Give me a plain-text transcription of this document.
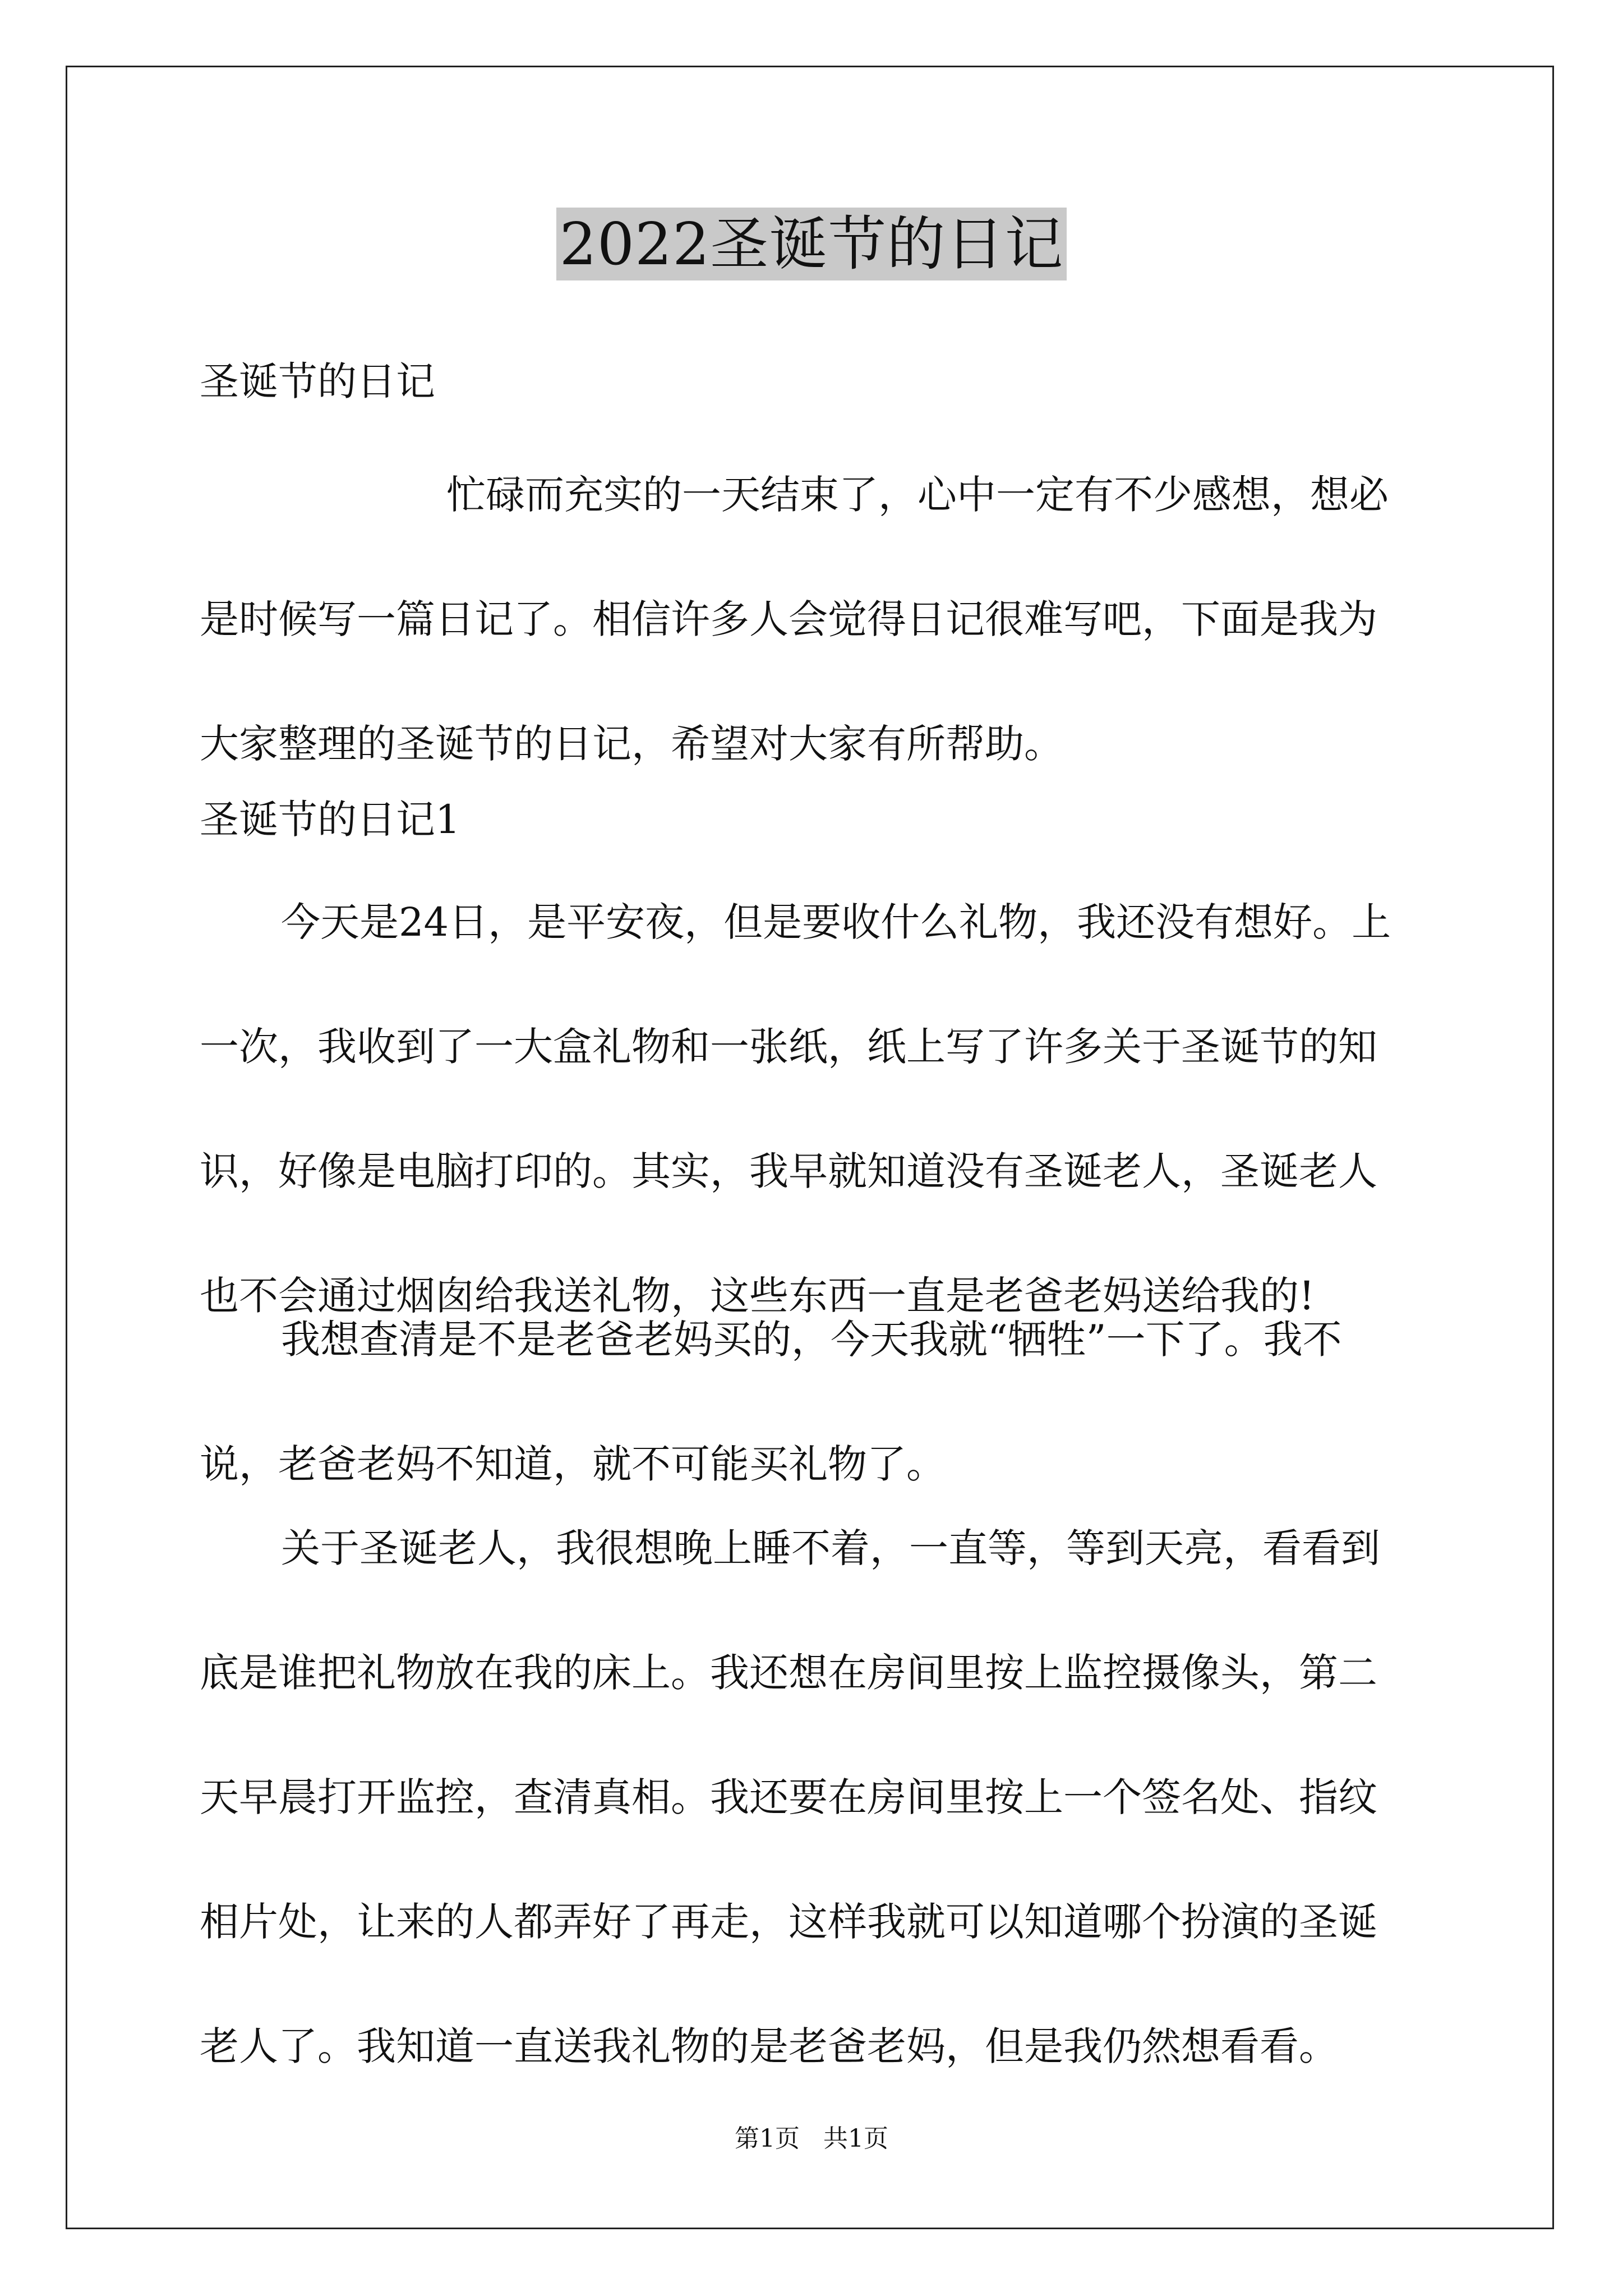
2022圣诞节的日记
圣诞节的日记
忙碌而充实的一天结束了，心中一定有不少感想，想必
是时候写一篇日记了。相信许多人会觉得日记很难写吧，下面是我为
大家整理的圣诞节的日记，希望对大家有所帮助。
圣诞节的日记1
今天是24日，是平安夜，但是要收什么礼物，我还没有想好。上
一次，我收到了一大盒礼物和一张纸，纸上写了许多关于圣诞节的知
识，好像是电脑打印的。其实，我早就知道没有圣诞老人，圣诞老人
也不会通过烟囱给我送礼物，这些东西一直是老爸老妈送给我的!
我想查清是不是老爸老妈买的，今天我就“牺牲”一下了。我不
说，老爸老妈不知道，就不可能买礼物了。
关于圣诞老人，我很想晚上睡不着，一直等，等到天亮，看看到
底是谁把礼物放在我的床上。我还想在房间里按上监控摄像头，第二
天早晨打开监控，查清真相。我还要在房间里按上一个签名处、指纹
相片处，让来的人都弄好了再走，这样我就可以知道哪个扮演的圣诞
老人了。我知道一直送我礼物的是老爸老妈，但是我仍然想看看。
第1页 共1页
